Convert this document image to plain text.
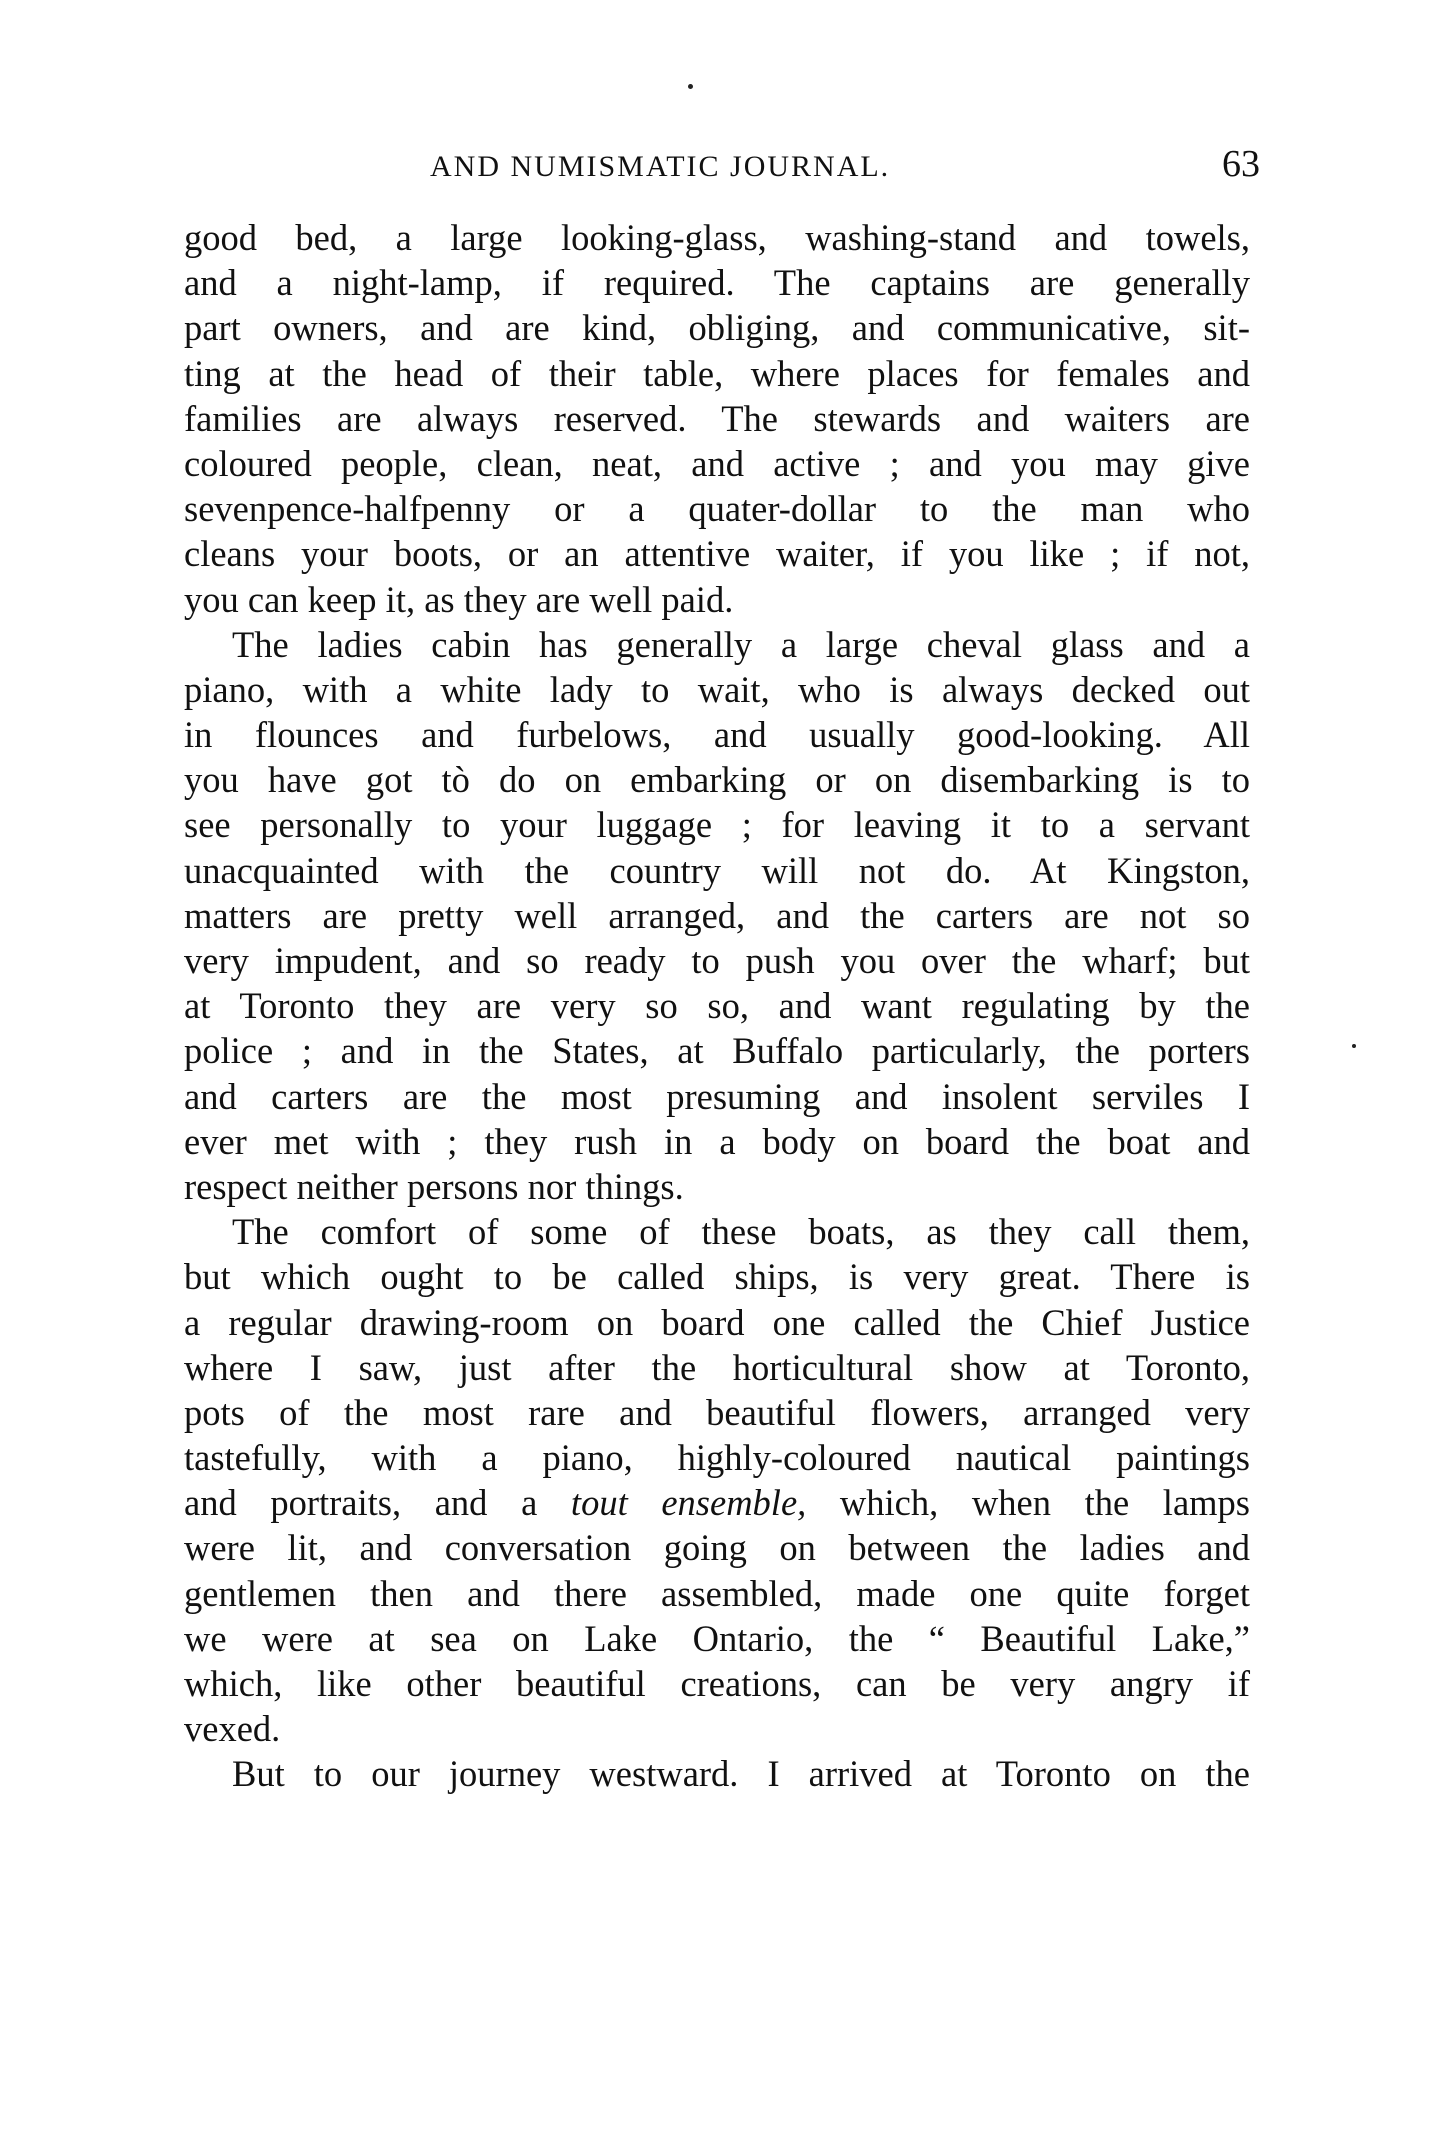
AND NUMISMATIC JOURNAL.	63
good bed, a large looking-glass, washing-stand and towels,
and a night-lamp, if required. The captains are generally
part owners, and are kind, obliging, and communicative, sit-
ting at the head of their table, where places for females and
families are always reserved. The stewards and waiters are
coloured people, clean, neat, and active ; and you may give
sevenpence-halfpenny or a quater-dollar to the man who
cleans your boots, or an attentive waiter, if you like ; if not,
you can keep it, as they are well paid.
The ladies cabin has generally a large cheval glass and a
piano, with a white lady to wait, who is always decked out
in flounces and furbelows, and usually good-looking. All
you have got tò do on embarking or on disembarking is to
see personally to your luggage ; for leaving it to a servant
unacquainted with the country will not do. At Kingston,
matters are pretty well arranged, and the carters are not so
very impudent, and so ready to push you over the wharf; but
at Toronto they are very so so, and want regulating by the
police ; and in the States, at Buffalo particularly, the porters
and carters are the most presuming and insolent serviles I
ever met with ; they rush in a body on board the boat and
respect neither persons nor things.
The comfort of some of these boats, as they call them,
but which ought to be called ships, is very great. There is
a regular drawing-room on board one called the Chief Justice
where I saw, just after the horticultural show at Toronto,
pots of the most rare and beautiful flowers, arranged very
tastefully, with a piano, highly-coloured nautical paintings
and portraits, and a tout ensemble, which, when the lamps
were lit, and conversation going on between the ladies and
gentlemen then and there assembled, made one quite forget
we were at sea on Lake Ontario, the “ Beautiful Lake,”
which, like other beautiful creations, can be very angry if
vexed.
But to our journey westward. I arrived at Toronto on the
